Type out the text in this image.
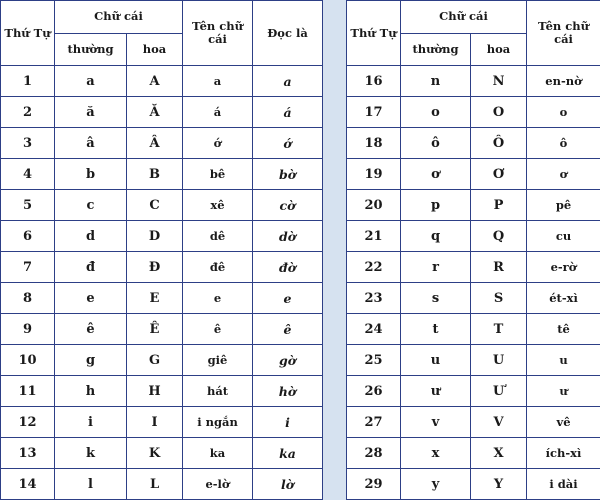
Thứ Tự	Chữ cái		Tên chữ cái	Đọc là
	thường	hoa		
1	a	A	a	a
2	ă	Ă	á	á
3	â	Â	ớ	ớ
4	b	B	bê	bờ
5	c	C	xê	cờ
6	d	D	dê	dờ
7	đ	Đ	đê	đờ
8	e	E	e	e
9	ê	Ê	ê	ê
10	g	G	giê	gờ
11	h	H	hát	hờ
12	i	I	i ngắn	i
13	k	K	ka	ka
14	l	L	e-lờ	lờ
Thứ Tự	Chữ cái		Tên chữ cái
	thường	hoa	
16	n	N	en-nờ
17	o	O	o
18	ô	Ô	ô
19	ơ	Ơ	ơ
20	p	P	pê
21	q	Q	cu
22	r	R	e-rờ
23	s	S	ét-xì
24	t	T	tê
25	u	U	u
26	ư	Ư	ư
27	v	V	vê
28	x	X	ích-xì
29	y	Y	i dài
